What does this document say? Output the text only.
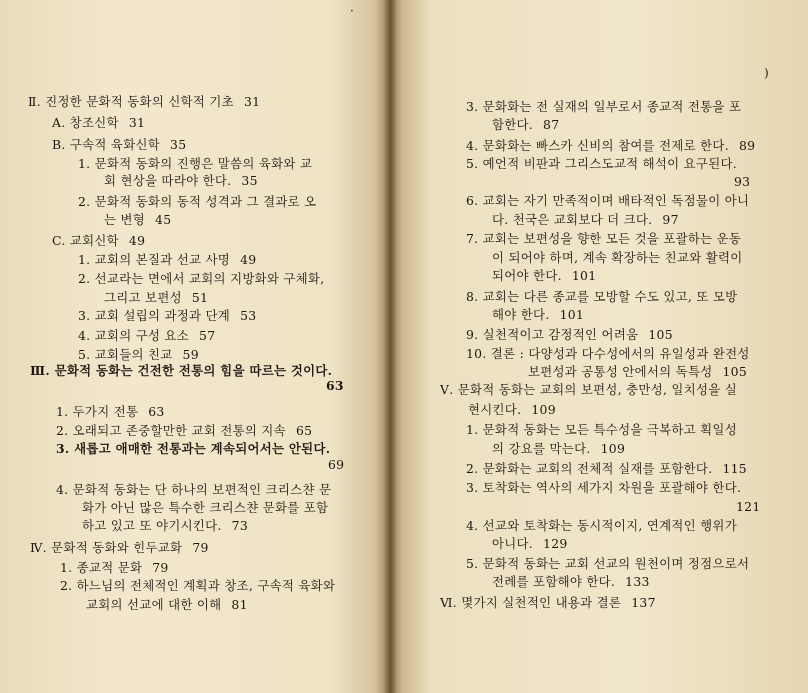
·
)
Ⅱ. 진정한 문화적 동화의 신학적 기초 31
A. 창조신학 31
B. 구속적 육화신학 35
1. 문화적 동화의 진행은 말씀의 육화와 교
회 현상을 따라야 한다. 35
2. 문화적 동화의 동적 성격과 그 결과로 오
는 변형 45
C. 교회신학 49
1. 교회의 본질과 선교 사명 49
2. 선교라는 면에서 교회의 지방화와 구체화,
그리고 보편성 51
3. 교회 설립의 과정과 단계 53
4. 교회의 구성 요소 57
5. 교회들의 친교 59
Ⅲ. 문화적 동화는 건전한 전통의 힘을 따르는 것이다.
63
1. 두가지 전통 63
2. 오래되고 존중할만한 교회 전통의 지속 65
3. 새롭고 애매한 전통과는 계속되어서는 안된다.
69
4. 문화적 동화는 단 하나의 보편적인 크리스챤 문
화가 아닌 많은 특수한 크리스챤 문화를 포함
하고 있고 또 야기시킨다. 73
Ⅳ. 문화적 동화와 힌두교화 79
1. 종교적 문화 79
2. 하느님의 전체적인 계획과 창조, 구속적 육화와
교회의 선교에 대한 이해 81
3. 문화화는 전 실재의 일부로서 종교적 전통을 포
함한다. 87
4. 문화화는 빠스카 신비의 참여를 전제로 한다. 89
5. 예언적 비판과 그리스도교적 해석이 요구된다.
93
6. 교회는 자기 만족적이며 배타적인 독점물이 아니
다. 천국은 교회보다 더 크다. 97
7. 교회는 보편성을 향한 모든 것을 포괄하는 운동
이 되어야 하며, 계속 확장하는 친교와 활력이
되어야 한다. 101
8. 교회는 다른 종교를 모방할 수도 있고, 또 모방
해야 한다. 101
9. 실천적이고 감정적인 어려움 105
10. 결론 : 다양성과 다수성에서의 유일성과 완전성
보편성과 공통성 안에서의 독특성 105
Ⅴ. 문화적 동화는 교회의 보편성, 충만성, 일치성을 실
현시킨다. 109
1. 문화적 동화는 모든 특수성을 극복하고 획일성
의 강요를 막는다. 109
2. 문화화는 교회의 전체적 실재를 포함한다. 115
3. 토착화는 역사의 세가지 차원을 포괄해야 한다.
121
4. 선교와 토착화는 동시적이지, 연계적인 행위가
아니다. 129
5. 문화적 동화는 교회 선교의 원천이며 정점으로서
전례를 포함해야 한다. 133
Ⅵ. 몇가지 실천적인 내용과 결론 137
